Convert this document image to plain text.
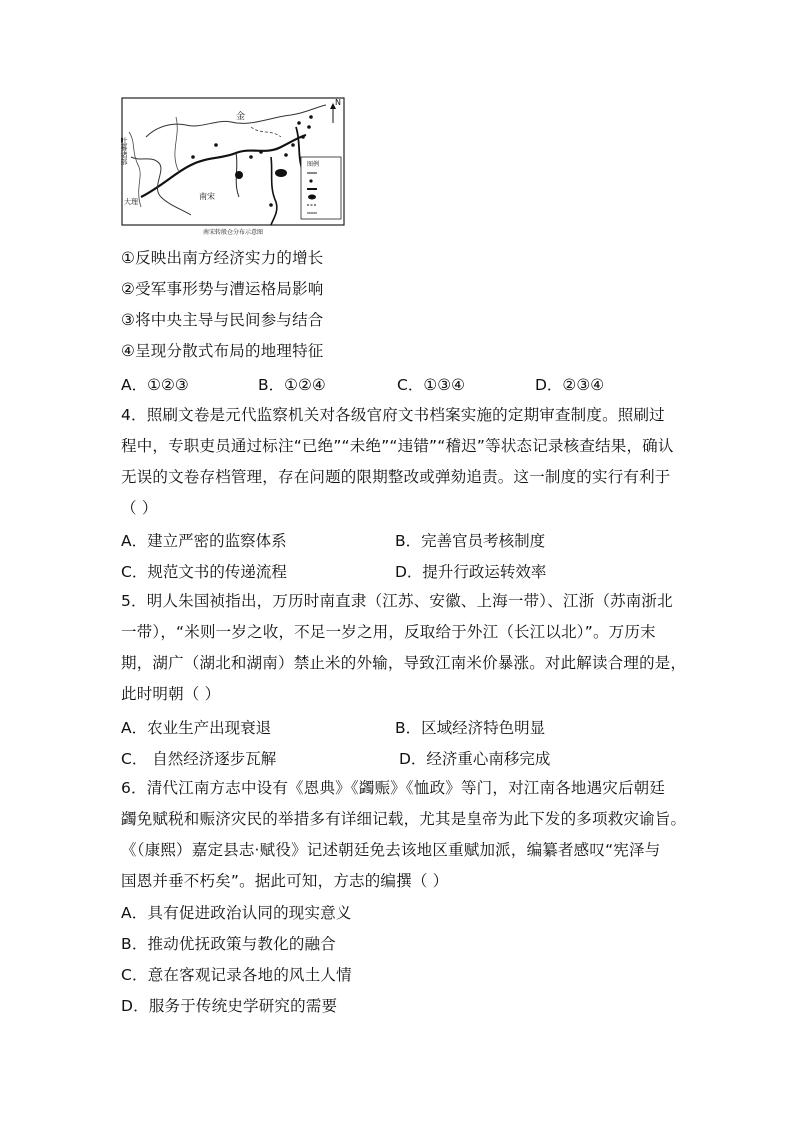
金
南宋
大理
N
图例
吐蕃诸部
南宋转般仓分布示意图
①反映出南方经济实力的增长
②受军事形势与漕运格局影响
③将中央主导与民间参与结合
④呈现分散式布局的地理特征
A．①②③	B．①②④	C．①③④	D．②③④
4．照刷文卷是元代监察机关对各级官府文书档案实施的定期审查制度。照刷过
程中，专职吏员通过标注“已绝”“未绝”“违错”“稽迟”等状态记录核查结果，确认
无误的文卷存档管理，存在问题的限期整改或弹劾追责。这一制度的实行有利于
（ ）
A．建立严密的监察体系	B．完善官员考核制度
C．规范文书的传递流程	D．提升行政运转效率
5．明人朱国祯指出，万历时南直隶（江苏、安徽、上海一带）、江浙（苏南浙北
一带），“米则一岁之收，不足一岁之用，反取给于外江（长江以北）”。万历末
期，湖广（湖北和湖南）禁止米的外输，导致江南米价暴涨。对此解读合理的是，
此时明朝（ ）
A．农业生产出现衰退	B．区域经济特色明显
C． 自然经济逐步瓦解	D．经济重心南移完成
6．清代江南方志中设有《恩典》《蠲赈》《恤政》等门，对江南各地遇灾后朝廷
蠲免赋税和赈济灾民的举措多有详细记载，尤其是皇帝为此下发的多项救灾谕旨。
《（康熙）嘉定县志·赋役》记述朝廷免去该地区重赋加派，编纂者感叹“宪泽与
国恩并垂不朽矣”。据此可知，方志的编撰（ ）
A．具有促进政治认同的现实意义
B．推动优抚政策与教化的融合
C．意在客观记录各地的风土人情
D．服务于传统史学研究的需要
